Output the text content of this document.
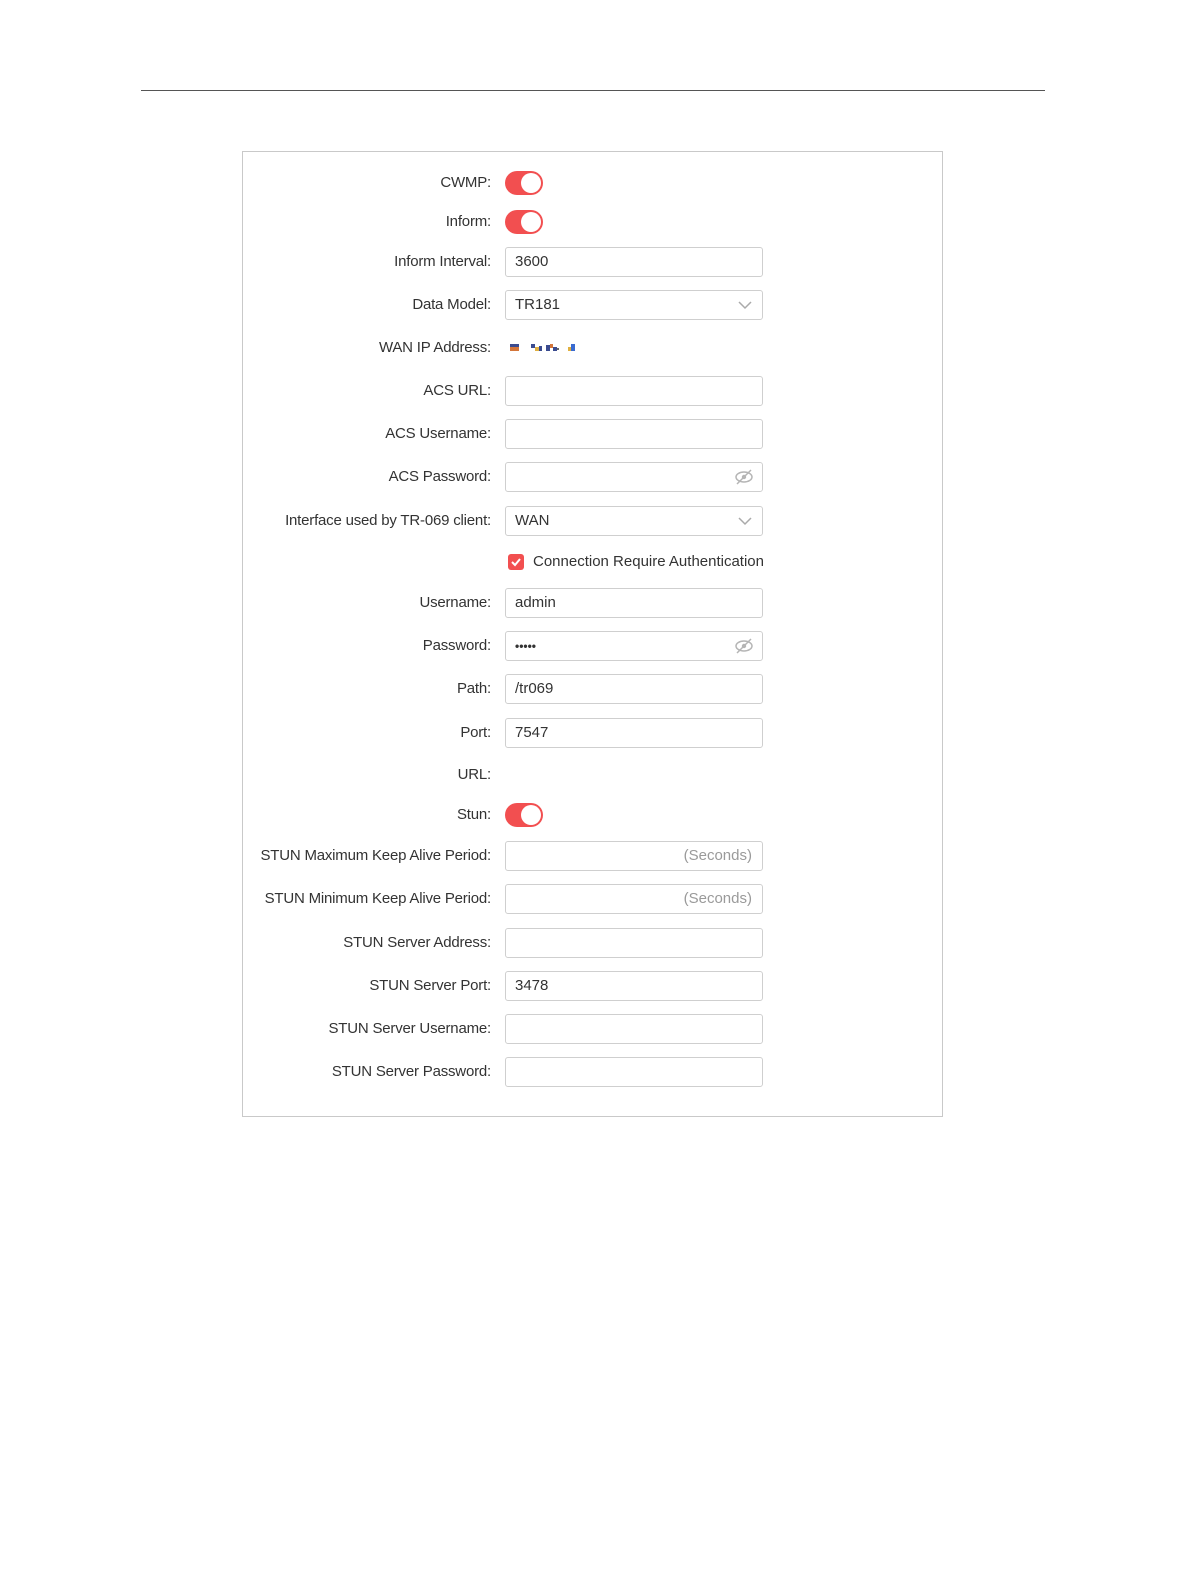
CWMP:
Inform:
Inform Interval:	3600
Data Model:	TR181
WAN IP Address:
ACS URL:
ACS Username:
ACS Password:
Interface used by TR-069 client:	WAN
Connection Require Authentication
Username:	admin
Password:	•••••
Path:	/tr069
Port:	7547
URL:
Stun:
STUN Maximum Keep Alive Period:	(Seconds)
STUN Minimum Keep Alive Period:	(Seconds)
STUN Server Address:
STUN Server Port:	3478
STUN Server Username:
STUN Server Password:
